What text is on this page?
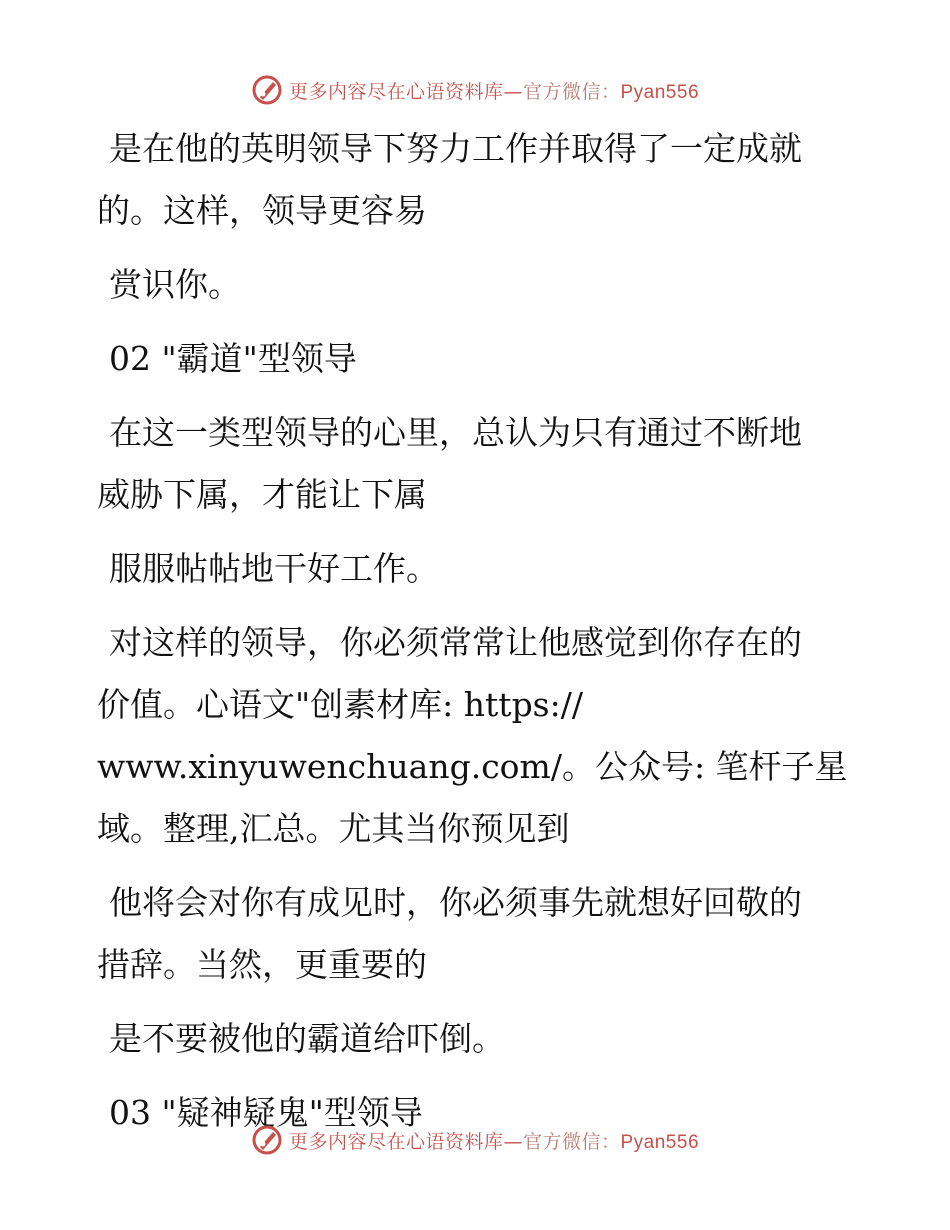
更多内容尽在心语资料库—官方微信：Pyan556

是在他的英明领导下努力工作并取得了一定成就

的。这样，领导更容易

赏识你。

02 "霸道"型领导

在这一类型领导的心里，总认为只有通过不断地

威胁下属，才能让下属

服服帖帖地干好工作。

对这样的领导，你必须常常让他感觉到你存在的

价值。心语文"创素材库: https://

www.xinyuwenchuang.com/。公众号: 笔杆子星

域。整理,汇总。尤其当你预见到

他将会对你有成见时，你必须事先就想好回敬的

措辞。当然，更重要的

是不要被他的霸道给吓倒。

03 "疑神疑鬼"型领导

更多内容尽在心语资料库—官方微信：Pyan556
